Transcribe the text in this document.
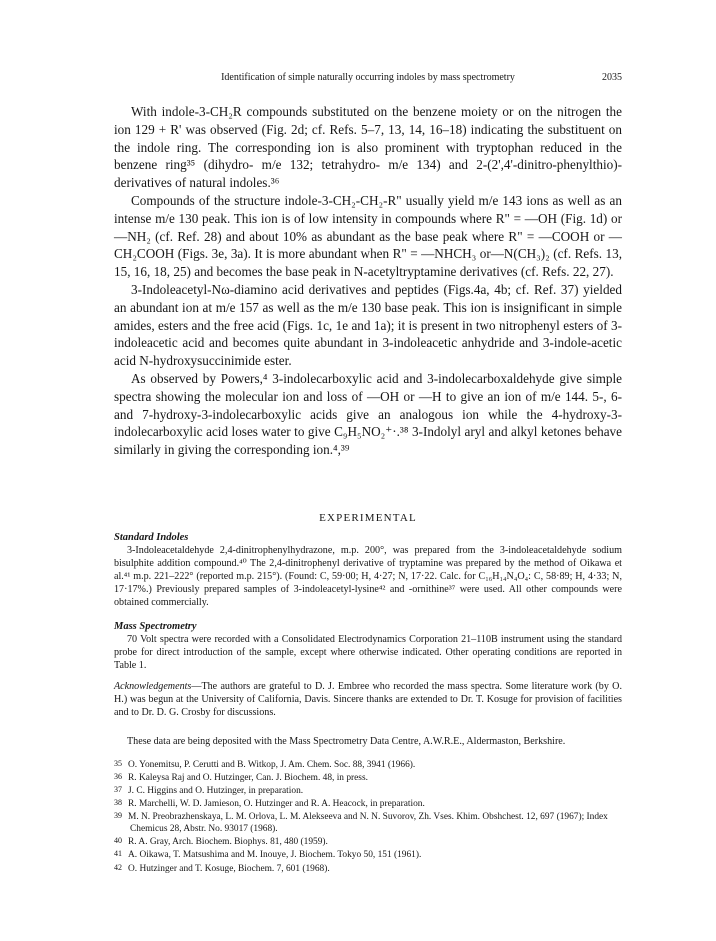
Identification of simple naturally occurring indoles by mass spectrometry	2035

With indole-3-CH₂R compounds substituted on the benzene moiety or on the nitrogen the ion 129 + R' was observed (Fig. 2d; cf. Refs. 5–7, 13, 14, 16–18) indicating the substituent on the indole ring. The corresponding ion is also prominent with tryptophan reduced in the benzene ring³⁵ (dihydro- m/e 132; tetrahydro- m/e 134) and 2-(2',4'-dinitro-phenylthio)-derivatives of natural indoles.³⁶

Compounds of the structure indole-3-CH₂-CH₂-R" usually yield m/e 143 ions as well as an intense m/e 130 peak. This ion is of low intensity in compounds where R" = —OH (Fig. 1d) or —NH₂ (cf. Ref. 28) and about 10% as abundant as the base peak where R" = —COOH or —CH₂COOH (Figs. 3e, 3a). It is more abundant when R" = —NHCH₃ or—N(CH₃)₂ (cf. Refs. 13, 15, 16, 18, 25) and becomes the base peak in N-acetyltryptamine derivatives (cf. Refs. 22, 27).

3-Indoleacetyl-Nω-diamino acid derivatives and peptides (Figs.4a, 4b; cf. Ref. 37) yielded an abundant ion at m/e 157 as well as the m/e 130 base peak. This ion is insignificant in simple amides, esters and the free acid (Figs. 1c, 1e and 1a); it is present in two nitrophenyl esters of 3-indoleacetic acid and becomes quite abundant in 3-indoleacetic anhydride and 3-indole-acetic acid N-hydroxysuccinimide ester.

As observed by Powers,⁴ 3-indolecarboxylic acid and 3-indolecarboxaldehyde give simple spectra showing the molecular ion and loss of —OH or —H to give an ion of m/e 144. 5-, 6- and 7-hydroxy-3-indolecarboxylic acids give an analogous ion while the 4-hydroxy-3-indolecarboxylic acid loses water to give C₉H₅NO₂⁺·.³⁸ 3-Indolyl aryl and alkyl ketones behave similarly in giving the corresponding ion.⁴,³⁹

EXPERIMENTAL
Standard Indoles

3-Indoleacetaldehyde 2,4-dinitrophenylhydrazone, m.p. 200°, was prepared from the 3-indoleacetaldehyde sodium bisulphite addition compound.⁴⁰ The 2,4-dinitrophenyl derivative of tryptamine was prepared by the method of Oikawa et al.⁴¹ m.p. 221–222° (reported m.p. 215°). (Found: C, 59·00; H, 4·27; N, 17·22. Calc. for C₁₆H₁₄N₄O₄: C, 58·89; H, 4·33; N, 17·17%.) Previously prepared samples of 3-indoleacetyl-lysine⁴² and -ornithine³⁷ were used. All other compounds were obtained commercially.

Mass Spectrometry

70 Volt spectra were recorded with a Consolidated Electrodynamics Corporation 21–110B instrument using the standard probe for direct introduction of the sample, except where otherwise indicated. Other operating conditions are reported in Table 1.

Acknowledgements—The authors are grateful to D. J. Embree who recorded the mass spectra. Some literature work (by O. H.) was begun at the University of California, Davis. Sincere thanks are extended to Dr. T. Kosuge for provision of facilities and to Dr. D. G. Crosby for discussions.
These data are being deposited with the Mass Spectrometry Data Centre, A.W.R.E., Aldermaston, Berkshire.
35 O. Yonemitsu, P. Cerutti and B. Witkop, J. Am. Chem. Soc. 88, 3941 (1966).
36 R. Kaleysa Raj and O. Hutzinger, Can. J. Biochem. 48, in press.
37 J. C. Higgins and O. Hutzinger, in preparation.
38 R. Marchelli, W. D. Jamieson, O. Hutzinger and R. A. Heacock, in preparation.
39 M. N. Preobrazhenskaya, L. M. Orlova, L. M. Alekseeva and N. N. Suvorov, Zh. Vses. Khim. Obshchest. 12, 697 (1967); Index Chemicus 28, Abstr. No. 93017 (1968).
40 R. A. Gray, Arch. Biochem. Biophys. 81, 480 (1959).
41 A. Oikawa, T. Matsushima and M. Inouye, J. Biochem. Tokyo 50, 151 (1961).
42 O. Hutzinger and T. Kosuge, Biochem. 7, 601 (1968).
